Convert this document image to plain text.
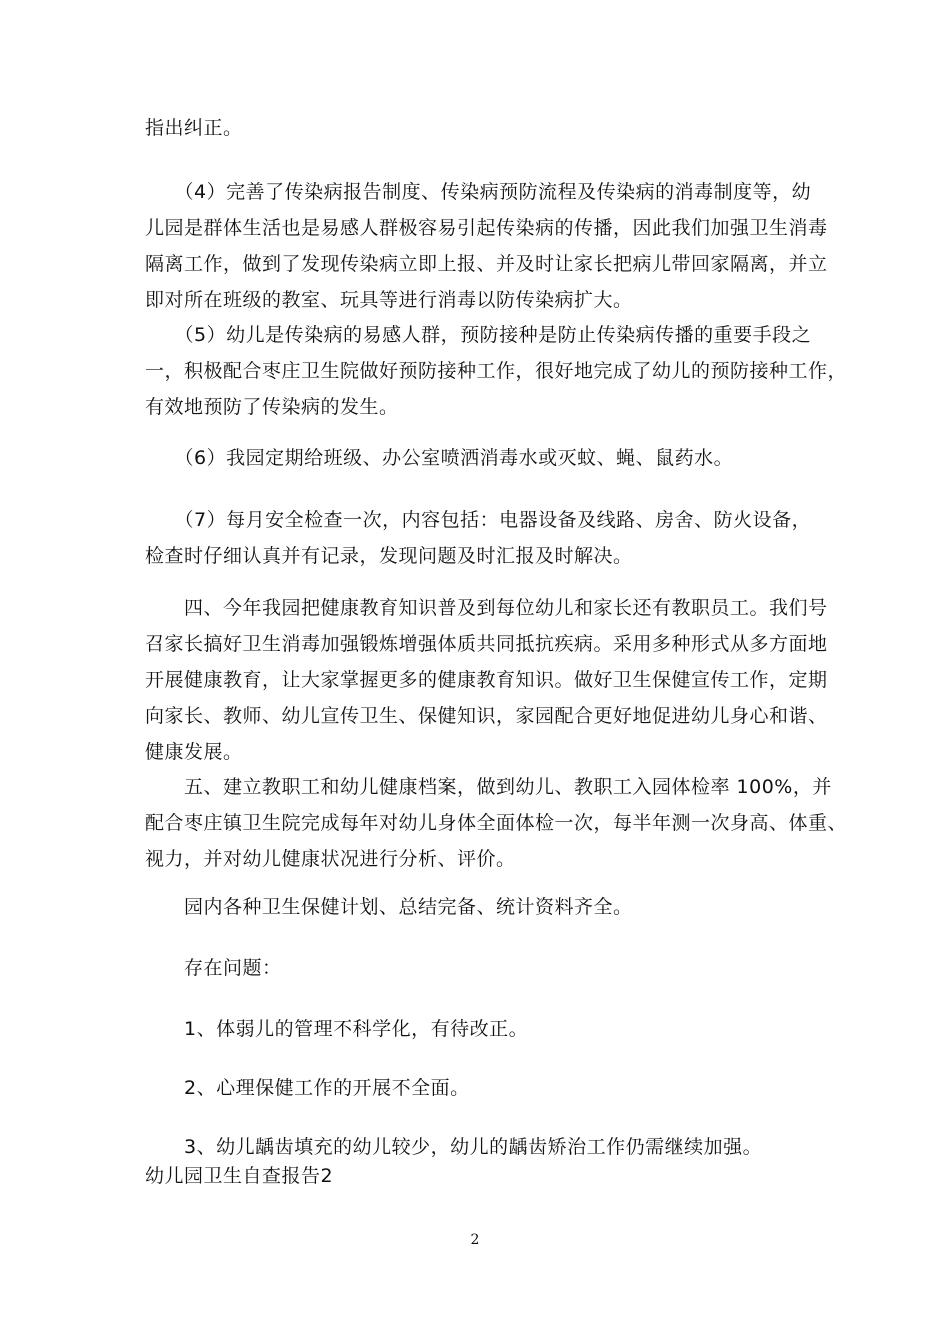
指出纠正。
　　（4）完善了传染病报告制度、传染病预防流程及传染病的消毒制度等，幼
儿园是群体生活也是易感人群极容易引起传染病的传播，因此我们加强卫生消毒
隔离工作，做到了发现传染病立即上报、并及时让家长把病儿带回家隔离，并立
即对所在班级的教室、玩具等进行消毒以防传染病扩大。
　　（5）幼儿是传染病的易感人群，预防接种是防止传染病传播的重要手段之
一，积极配合枣庄卫生院做好预防接种工作，很好地完成了幼儿的预防接种工作，
有效地预防了传染病的发生。
　　（6）我园定期给班级、办公室喷洒消毒水或灭蚊、蝇、鼠药水。
　　（7）每月安全检查一次，内容包括：电器设备及线路、房舍、防火设备，
检查时仔细认真并有记录，发现问题及时汇报及时解决。
　　四、今年我园把健康教育知识普及到每位幼儿和家长还有教职员工。我们号
召家长搞好卫生消毒加强锻炼增强体质共同抵抗疾病。采用多种形式从多方面地
开展健康教育，让大家掌握更多的健康教育知识。做好卫生保健宣传工作，定期
向家长、教师、幼儿宣传卫生、保健知识，家园配合更好地促进幼儿身心和谐、
健康发展。
　　五、建立教职工和幼儿健康档案，做到幼儿、教职工入园体检率 100%，并
配合枣庄镇卫生院完成每年对幼儿身体全面体检一次，每半年测一次身高、体重、
视力，并对幼儿健康状况进行分析、评价。
　　园内各种卫生保健计划、总结完备、统计资料齐全。
　　存在问题：
　　1、体弱儿的管理不科学化，有待改正。
　　2、心理保健工作的开展不全面。
　　3、幼儿龋齿填充的幼儿较少，幼儿的龋齿矫治工作仍需继续加强。
幼儿园卫生自查报告2
2
